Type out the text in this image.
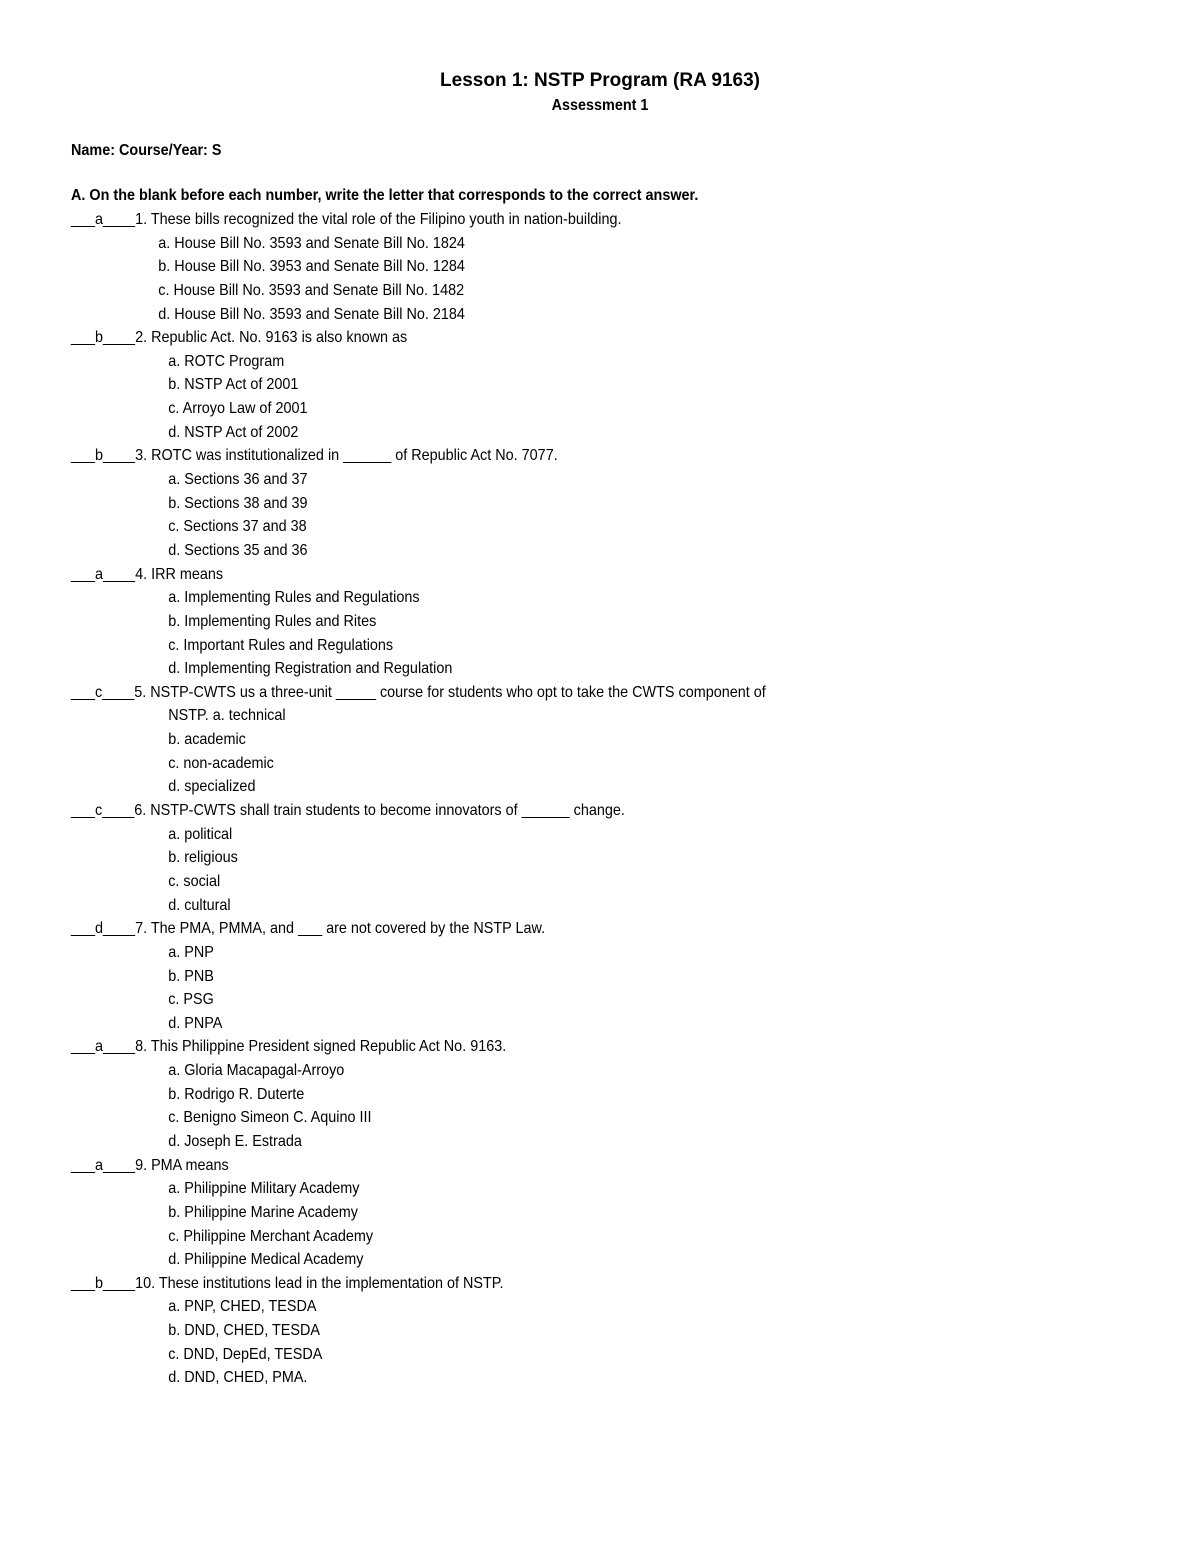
Lesson 1: NSTP Program (RA 9163)
Assessment 1
Name: Course/Year: S
A. On the blank before each number, write the letter that corresponds to the correct answer.
___a____1. These bills recognized the vital role of the Filipino youth in nation-building.
a. House Bill No. 3593 and Senate Bill No. 1824
b. House Bill No. 3953 and Senate Bill No. 1284
c. House Bill No. 3593 and Senate Bill No. 1482
d. House Bill No. 3593 and Senate Bill No. 2184
___b____2. Republic Act. No. 9163 is also known as
a. ROTC Program
b. NSTP Act of 2001
c. Arroyo Law of 2001
d. NSTP Act of 2002
___b____3. ROTC was institutionalized in ______ of Republic Act No. 7077.
a. Sections 36 and 37
b. Sections 38 and 39
c. Sections 37 and 38
d. Sections 35 and 36
___a____4. IRR means
a. Implementing Rules and Regulations
b. Implementing Rules and Rites
c. Important Rules and Regulations
d. Implementing Registration and Regulation
___c____5. NSTP-CWTS us a three-unit _____ course for students who opt to take the CWTS component of
NSTP. a. technical
b. academic
c. non-academic
d. specialized
___c____6. NSTP-CWTS shall train students to become innovators of ______ change.
a. political
b. religious
c. social
d. cultural
___d____7. The PMA, PMMA, and ___ are not covered by the NSTP Law.
a. PNP
b. PNB
c. PSG
d. PNPA
___a____8. This Philippine President signed Republic Act No. 9163.
a. Gloria Macapagal-Arroyo
b. Rodrigo R. Duterte
c. Benigno Simeon C. Aquino III
d. Joseph E. Estrada
___a____9. PMA means
a. Philippine Military Academy
b. Philippine Marine Academy
c. Philippine Merchant Academy
d. Philippine Medical Academy
___b____10. These institutions lead in the implementation of NSTP.
a. PNP, CHED, TESDA
b. DND, CHED, TESDA
c. DND, DepEd, TESDA
d. DND, CHED, PMA.
